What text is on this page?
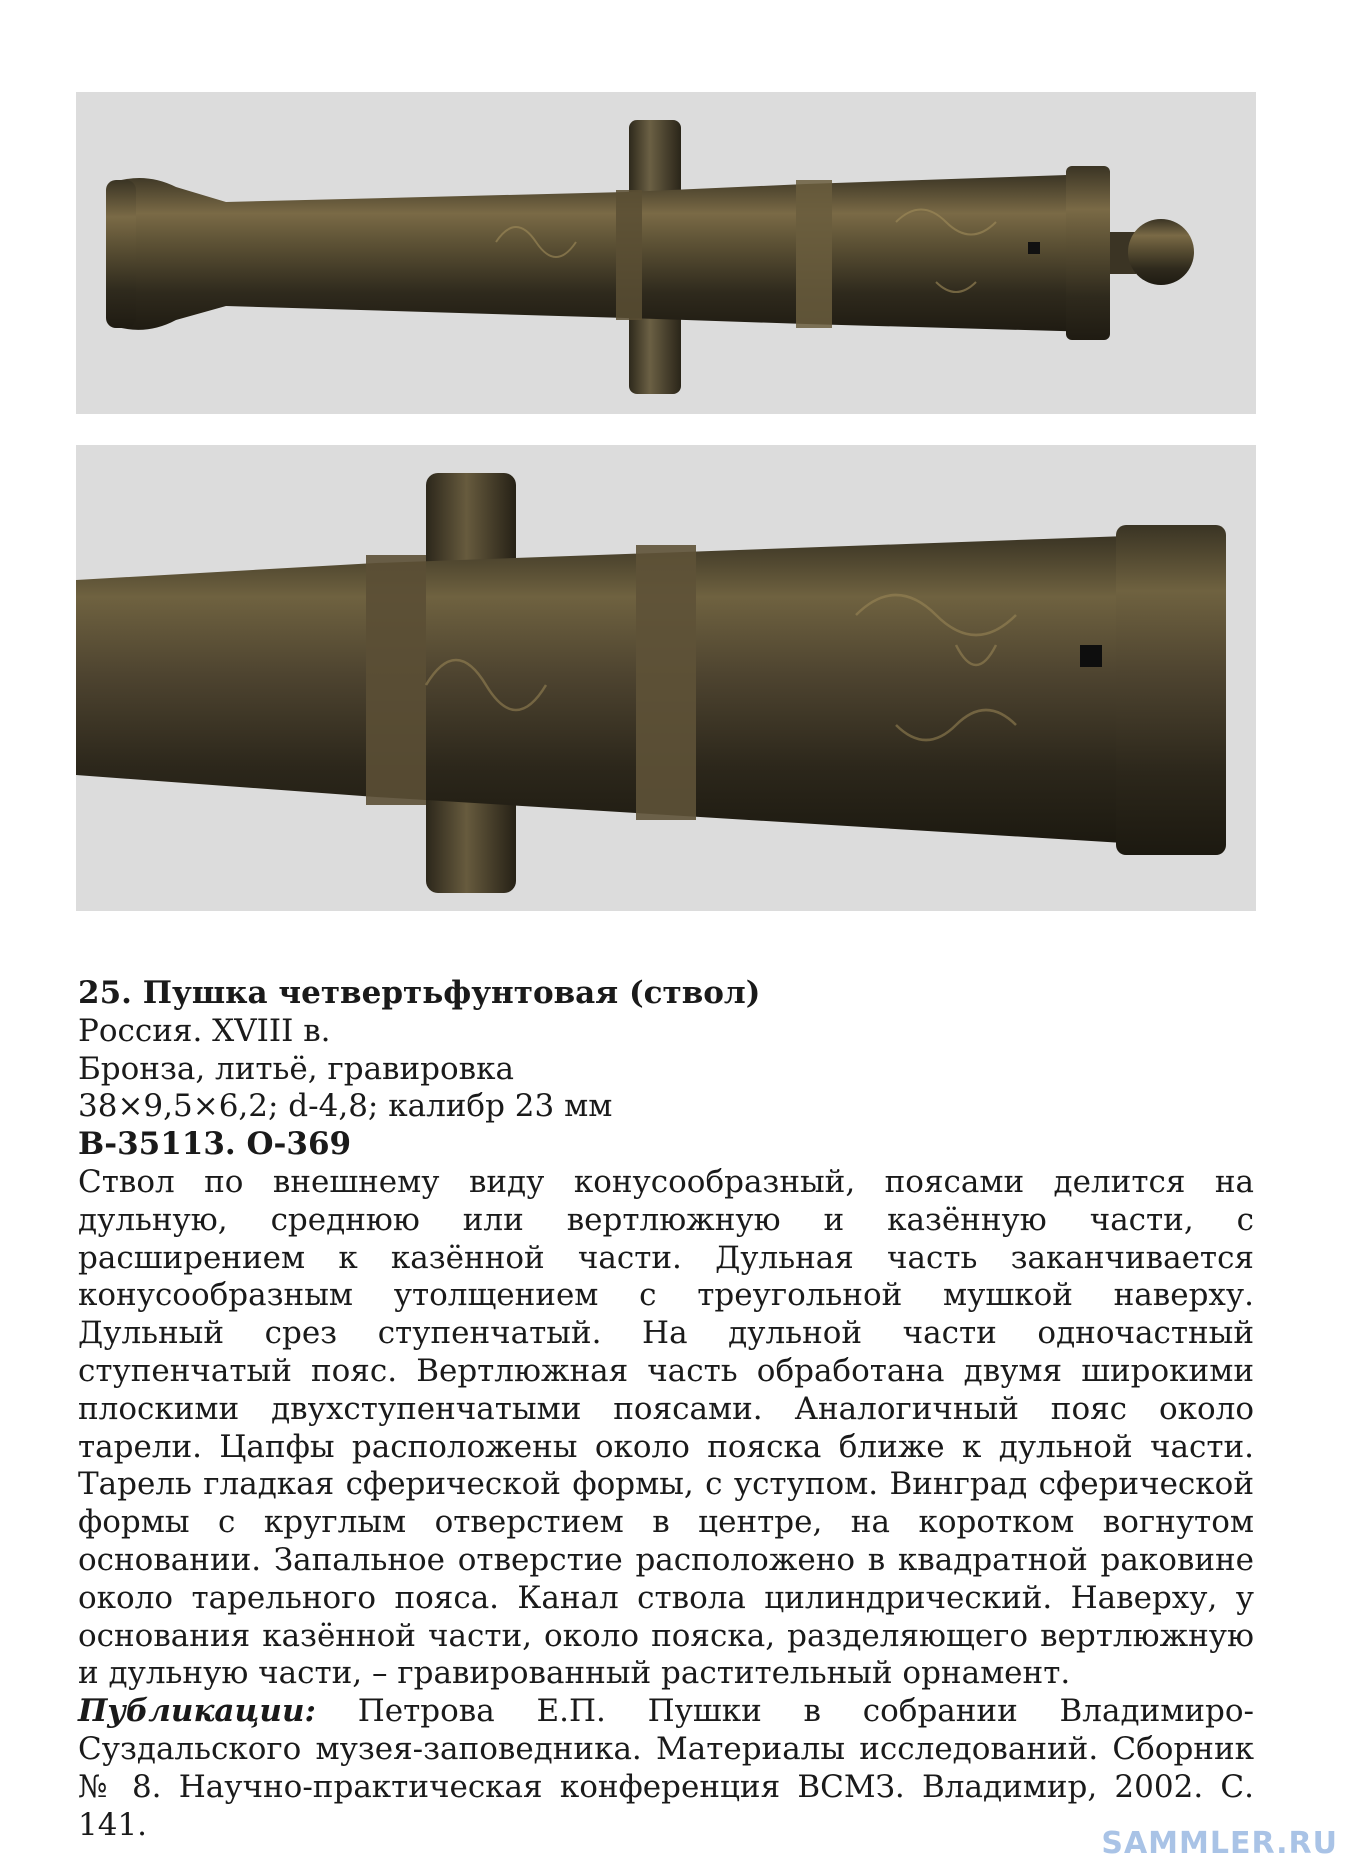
25. Пушка четвертьфунтовая (ствол)
Россия. XVIII в.
Бронза, литьё, гравировка
38×9,5×6,2; d-4,8; калибр 23 мм
В-35113. О-369

Ствол по внешнему виду конусообразный, поясами делится на дульную, среднюю или вертлюжную и казённую части, с расширением к казённой части. Дульная часть заканчивается конусообразным утолщением с треугольной мушкой наверху. Дульный срез ступенчатый. На дульной части одночастный ступенчатый пояс. Вертлюжная часть обработана двумя широкими плоскими двухступенчатыми поясами. Аналогичный пояс около тарели. Цапфы расположены около пояска ближе к дульной части. Тарель гладкая сферической формы, с уступом. Винград сферической формы с круглым отверстием в центре, на коротком вогнутом основании. Запальное отверстие расположено в квадратной раковине около тарельного пояса. Канал ствола цилиндрический. Наверху, у основания казённой части, около пояска, разделяющего вертлюжную и дульную части, – гравированный растительный орнамент.

Публикации: Петрова Е.П. Пушки в собрании Владимиро-Суздальского музея-заповедника. Материалы исследований. Сборник № 8. Научно-практическая конференция ВСМЗ. Владимир, 2002. С. 141.

SAMMLER.RU
